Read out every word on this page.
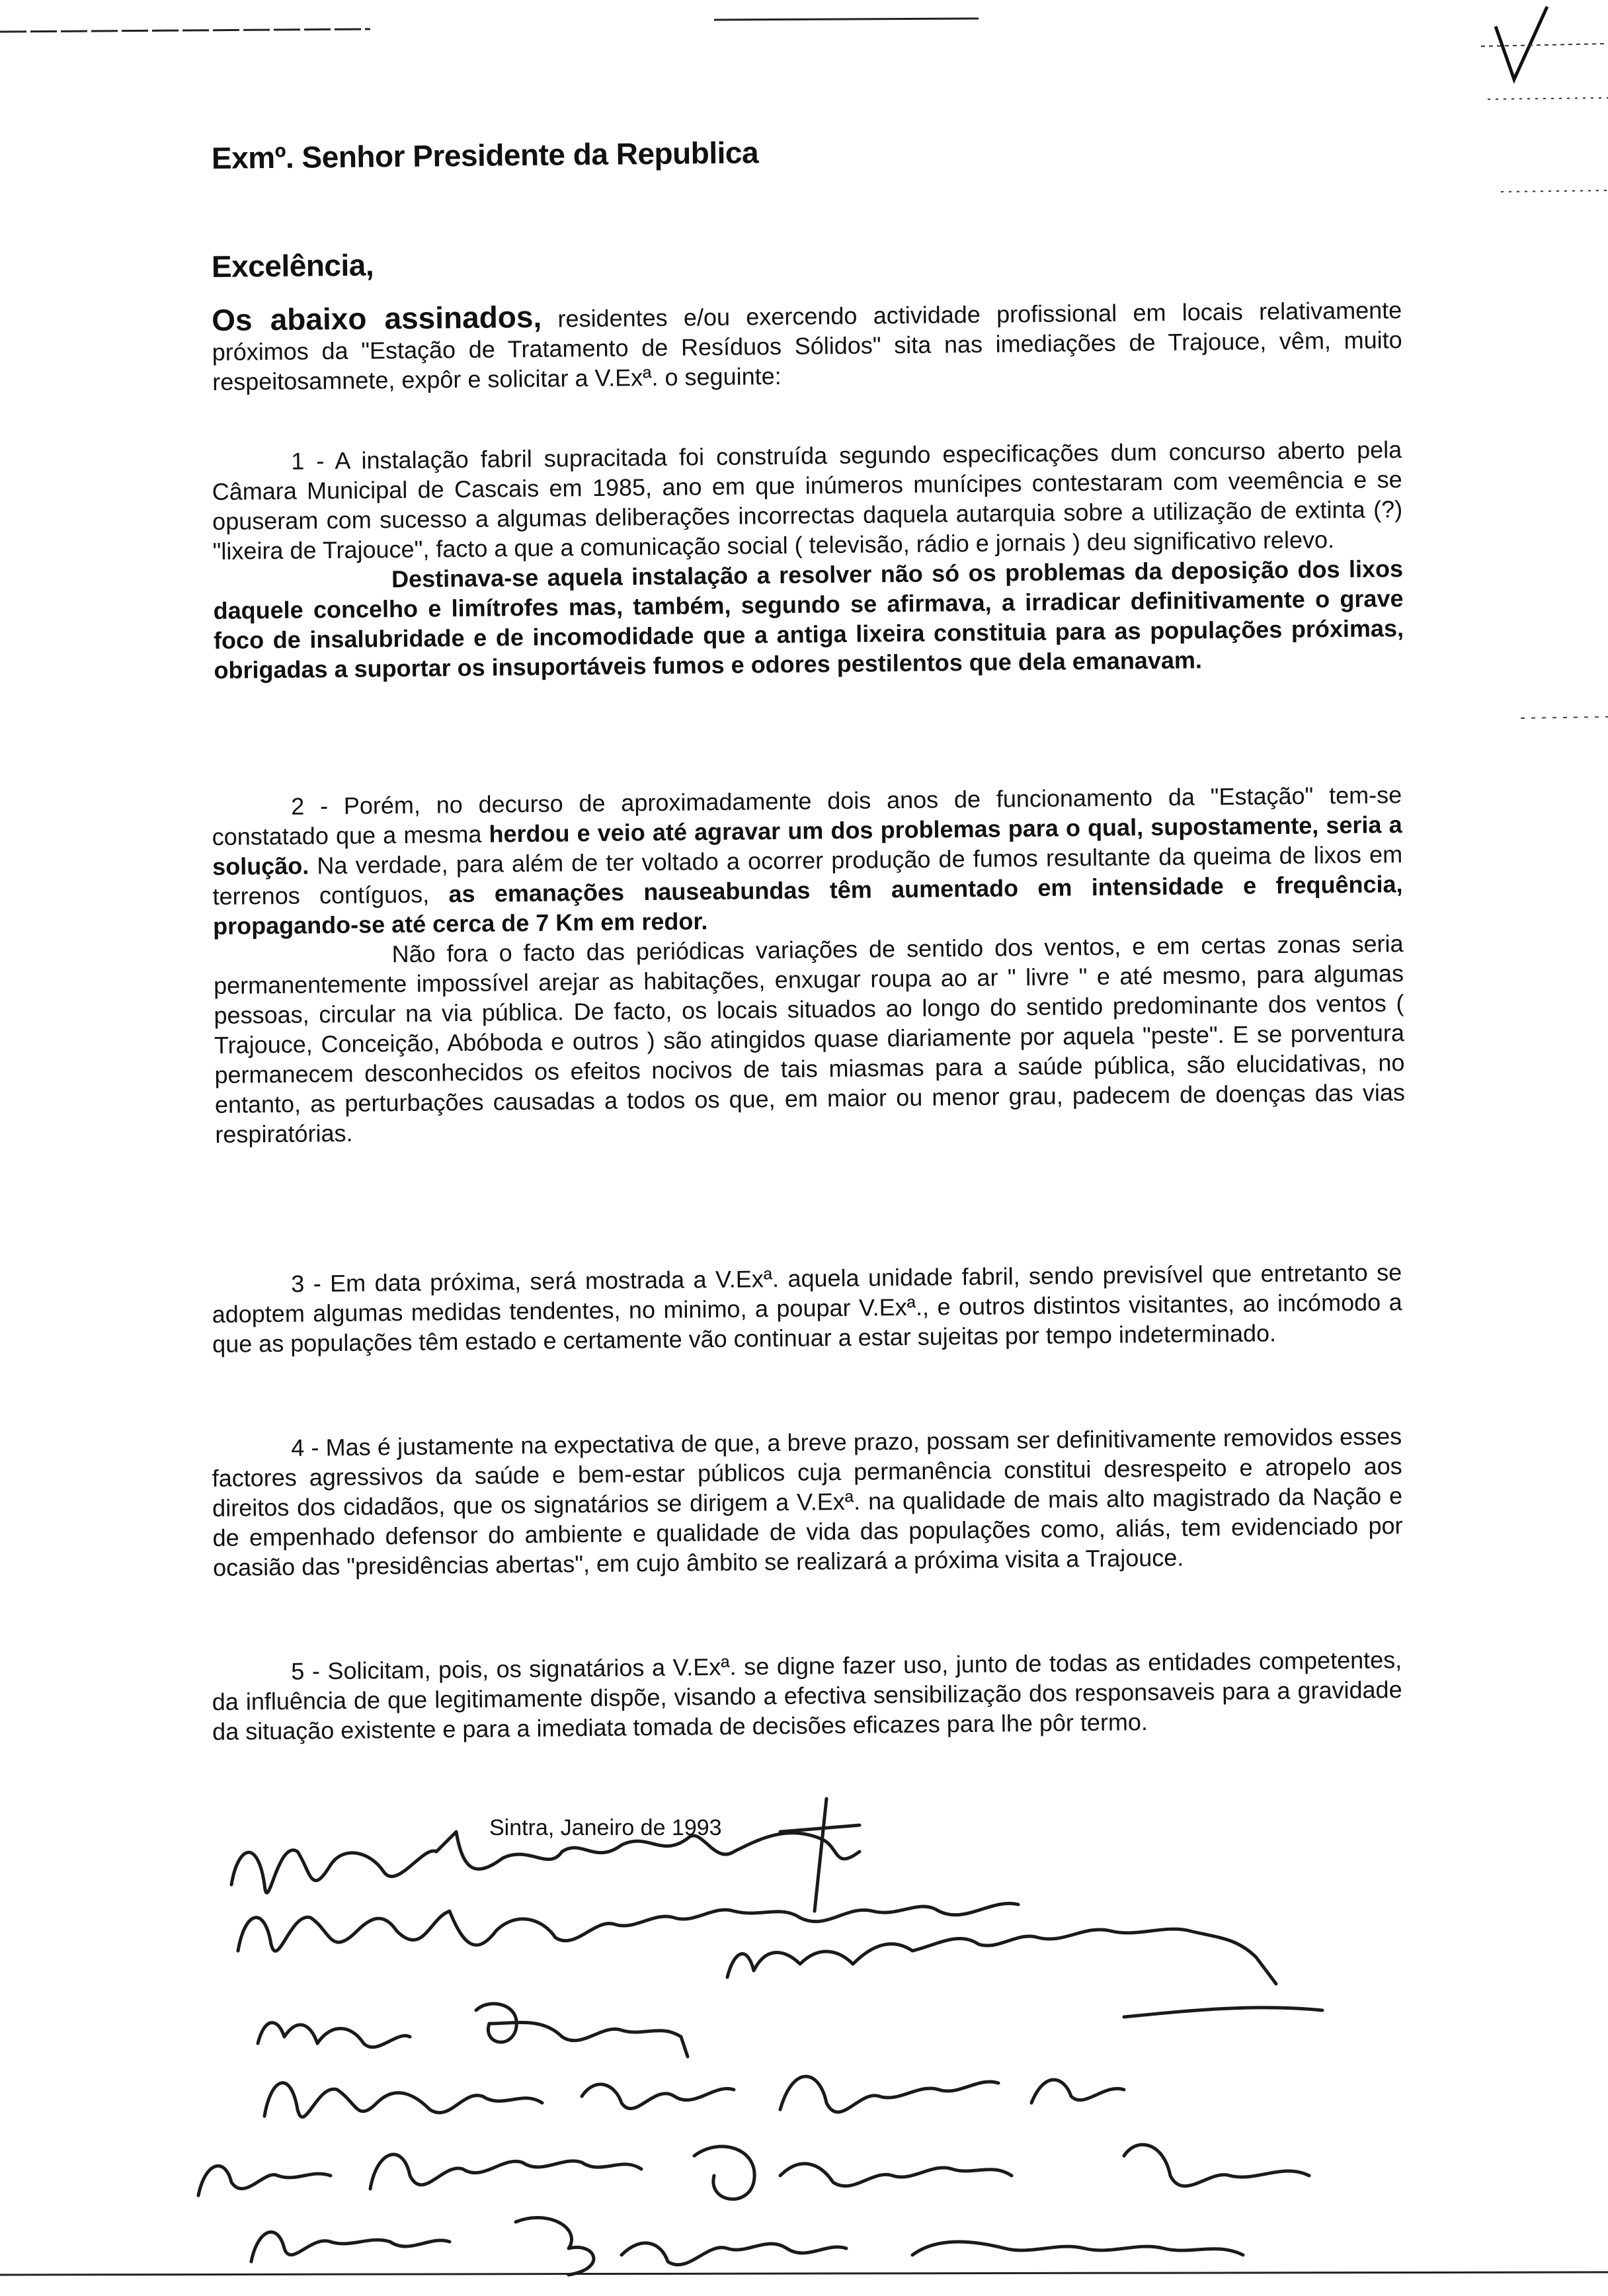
Exmº. Senhor Presidente da Republica
Excelência,

Os abaixo assinados, residentes e/ou exercendo actividade profissional em locais relativamente próximos da "Estação de Tratamento de Resíduos Sólidos" sita nas imediações de Trajouce, vêm, muito respeitosamnete, expôr e solicitar a V.Exª. o seguinte:

1 - A instalação fabril supracitada foi construída segundo especificações dum concurso aberto pela Câmara Municipal de Cascais em 1985, ano em que inúmeros munícipes contestaram com veemência e se opuseram com sucesso a algumas deliberações incorrectas daquela autarquia sobre a utilização de extinta (?) "lixeira de Trajouce", facto a que a comunicação social ( televisão, rádio e jornais ) deu significativo relevo.

Destinava-se aquela instalação a resolver não só os problemas da deposição dos lixos daquele concelho e limítrofes mas, também, segundo se afirmava, a irradicar definitivamente o grave foco de insalubridade e de incomodidade que a antiga lixeira constituia para as populações próximas, obrigadas a suportar os insuportáveis fumos e odores pestilentos que dela emanavam.

2 - Porém, no decurso de aproximadamente dois anos de funcionamento da "Estação" tem-se constatado que a mesma herdou e veio até agravar um dos problemas para o qual, supostamente, seria a solução. Na verdade, para além de ter voltado a ocorrer produção de fumos resultante da queima de lixos em terrenos contíguos, as emanações nauseabundas têm aumentado em intensidade e frequência, propagando-se até cerca de 7 Km em redor.

Não fora o facto das periódicas variações de sentido dos ventos, e em certas zonas seria permanentemente impossível arejar as habitações, enxugar roupa ao ar " livre " e até mesmo, para algumas pessoas, circular na via pública. De facto, os locais situados ao longo do sentido predominante dos ventos ( Trajouce, Conceição, Abóboda e outros ) são atingidos quase diariamente por aquela "peste". E se porventura permanecem desconhecidos os efeitos nocivos de tais miasmas para a saúde pública, são elucidativas, no entanto, as perturbações causadas a todos os que, em maior ou menor grau, padecem de doenças das vias respiratórias.

3 - Em data próxima, será mostrada a V.Exª. aquela unidade fabril, sendo previsível que entretanto se adoptem algumas medidas tendentes, no minimo, a poupar V.Exª., e outros distintos visitantes, ao incómodo a que as populações têm estado e certamente vão continuar a estar sujeitas por tempo indeterminado.

4 - Mas é justamente na expectativa de que, a breve prazo, possam ser definitivamente removidos esses factores agressivos da saúde e bem-estar públicos cuja permanência constitui desrespeito e atropelo aos direitos dos cidadãos, que os signatários se dirigem a V.Exª. na qualidade de mais alto magistrado da Nação e de empenhado defensor do ambiente e qualidade de vida das populações como, aliás, tem evidenciado por ocasião das "presidências abertas", em cujo âmbito se realizará a próxima visita a Trajouce.

5 - Solicitam, pois, os signatários a V.Exª. se digne fazer uso, junto de todas as entidades competentes, da influência de que legitimamente dispõe, visando a efectiva sensibilização dos responsaveis para a gravidade da situação existente e para a imediata tomada de decisões eficazes para lhe pôr termo.

Sintra, Janeiro de 1993
